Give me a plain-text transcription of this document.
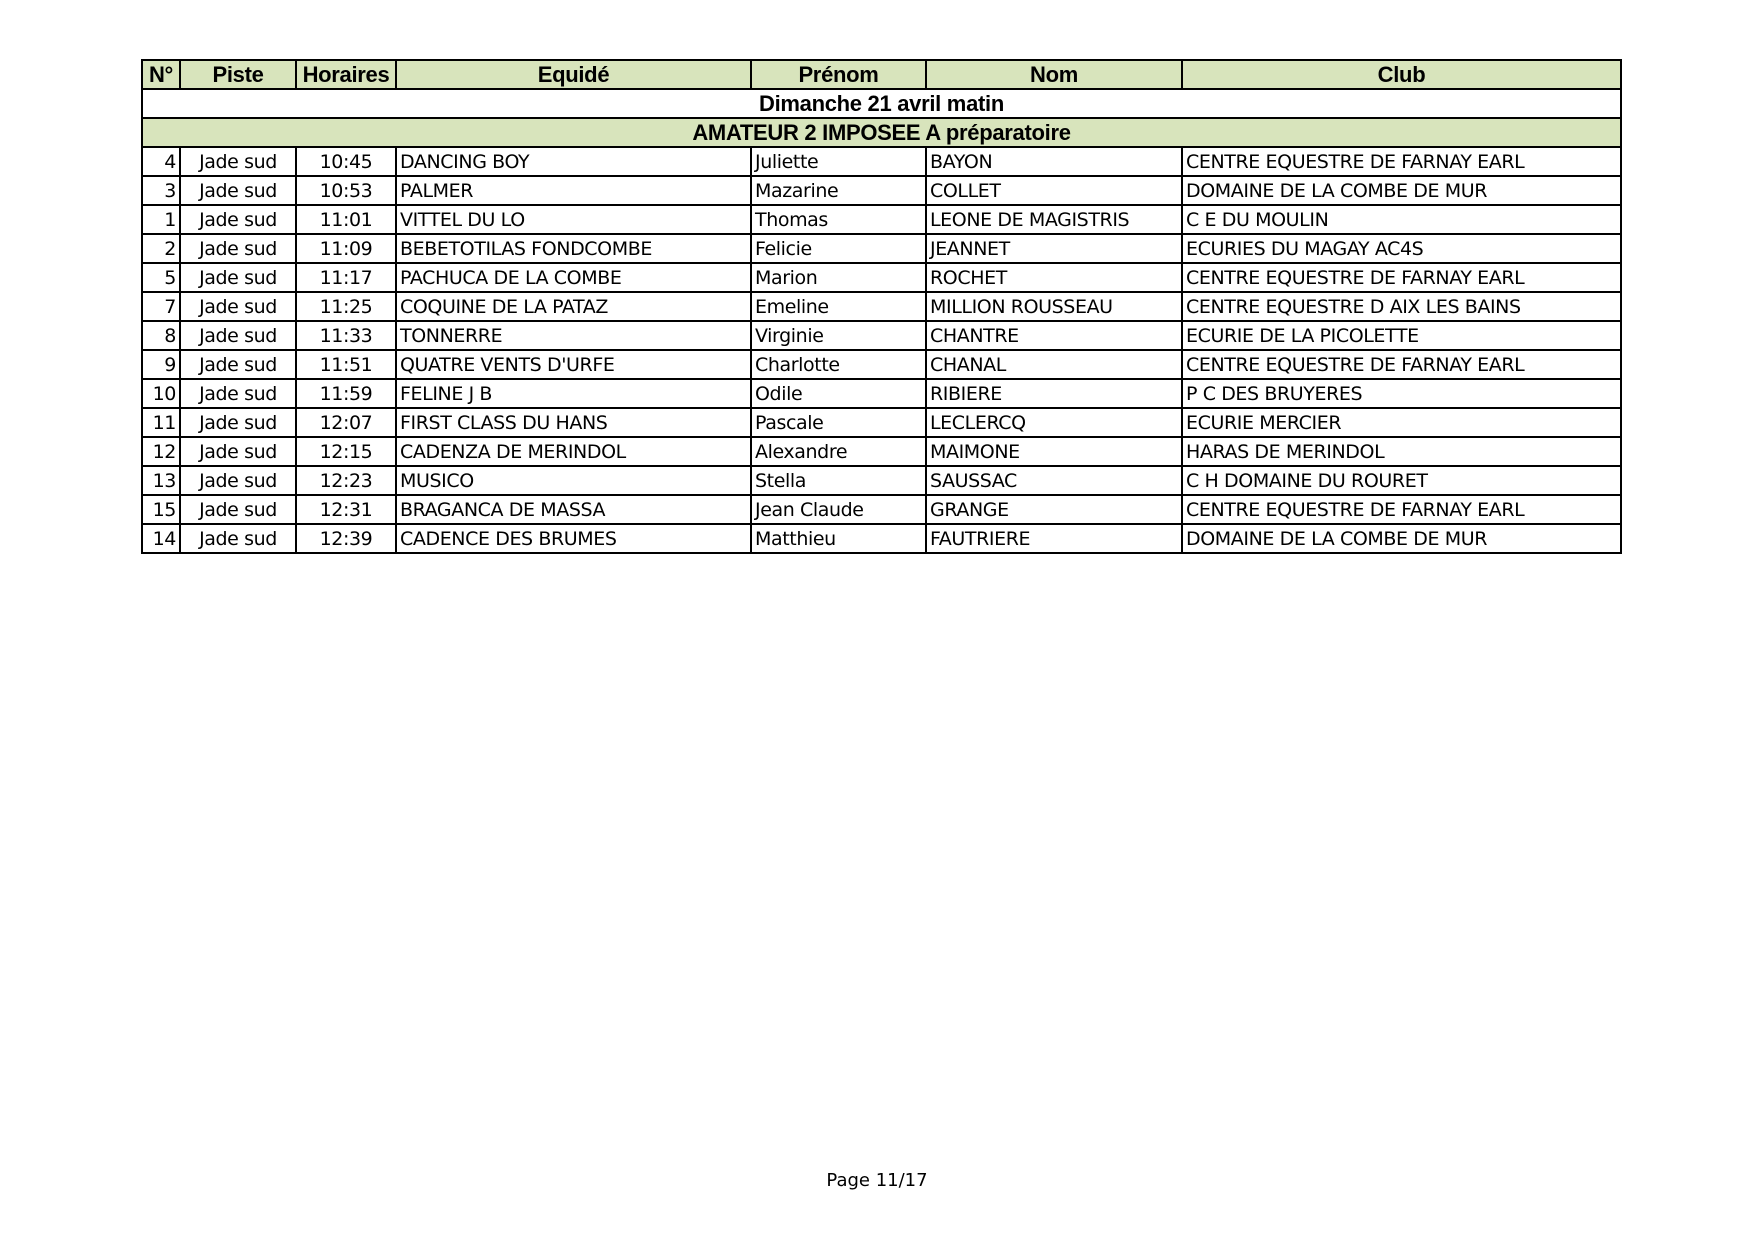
N°	Piste	Horaires	Equidé	Prénom	Nom	Club
Dimanche 21 avril matin						
AMATEUR 2 IMPOSEE A préparatoire						
4	Jade sud	10:45	DANCING BOY	Juliette	BAYON	CENTRE EQUESTRE DE FARNAY EARL
3	Jade sud	10:53	PALMER	Mazarine	COLLET	DOMAINE DE LA COMBE DE MUR
1	Jade sud	11:01	VITTEL DU LO	Thomas	LEONE DE MAGISTRIS	C E DU MOULIN
2	Jade sud	11:09	BEBETOTILAS FONDCOMBE	Felicie	JEANNET	ECURIES DU MAGAY AC4S
5	Jade sud	11:17	PACHUCA DE LA COMBE	Marion	ROCHET	CENTRE EQUESTRE DE FARNAY EARL
7	Jade sud	11:25	COQUINE DE LA PATAZ	Emeline	MILLION ROUSSEAU	CENTRE EQUESTRE D AIX LES BAINS
8	Jade sud	11:33	TONNERRE	Virginie	CHANTRE	ECURIE DE LA PICOLETTE
9	Jade sud	11:51	QUATRE VENTS D'URFE	Charlotte	CHANAL	CENTRE EQUESTRE DE FARNAY EARL
10	Jade sud	11:59	FELINE J B	Odile	RIBIERE	P C DES BRUYERES
11	Jade sud	12:07	FIRST CLASS DU HANS	Pascale	LECLERCQ	ECURIE MERCIER
12	Jade sud	12:15	CADENZA DE MERINDOL	Alexandre	MAIMONE	HARAS DE MERINDOL
13	Jade sud	12:23	MUSICO	Stella	SAUSSAC	C H DOMAINE DU ROURET
15	Jade sud	12:31	BRAGANCA DE MASSA	Jean Claude	GRANGE	CENTRE EQUESTRE DE FARNAY EARL
14	Jade sud	12:39	CADENCE DES BRUMES	Matthieu	FAUTRIERE	DOMAINE DE LA COMBE DE MUR
Page 11/17
